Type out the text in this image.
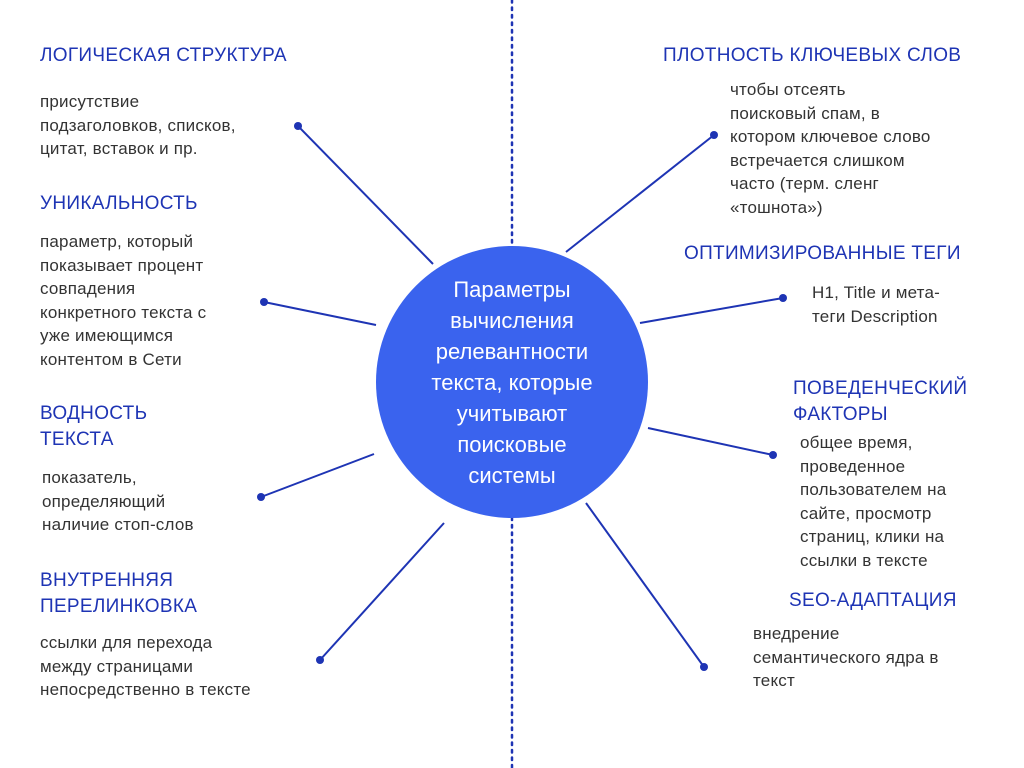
ЛОГИЧЕСКАЯ СТРУКТУРА
присутствие
подзаголовков, списков,
цитат, вставок и пр.
УНИКАЛЬНОСТЬ
параметр, который
показывает процент
совпадения
конкретного текста с
уже имеющимся
контентом в Сети
ВОДНОСТЬ
ТЕКСТА
показатель,
определяющий
наличие стоп-слов
ВНУТРЕННЯЯ
ПЕРЕЛИНКОВКА
ссылки для перехода
между страницами
непосредственно в тексте
ПЛОТНОСТЬ КЛЮЧЕВЫХ СЛОВ
чтобы отсеять
поисковый спам, в
котором ключевое слово
встречается слишком
часто (терм. сленг
«тошнота»)
ОПТИМИЗИРОВАННЫЕ ТЕГИ
H1, Title и мета-
теги Description
ПОВЕДЕНЧЕСКИЙ
ФАКТОРЫ
общее время,
проведенное
пользователем на
сайте, просмотр
страниц, клики на
ссылки в тексте
SEO-АДАПТАЦИЯ
внедрение
семантического ядра в
текст
Параметры
вычисления
релевантности
текста, которые
учитывают
поисковые
системы
